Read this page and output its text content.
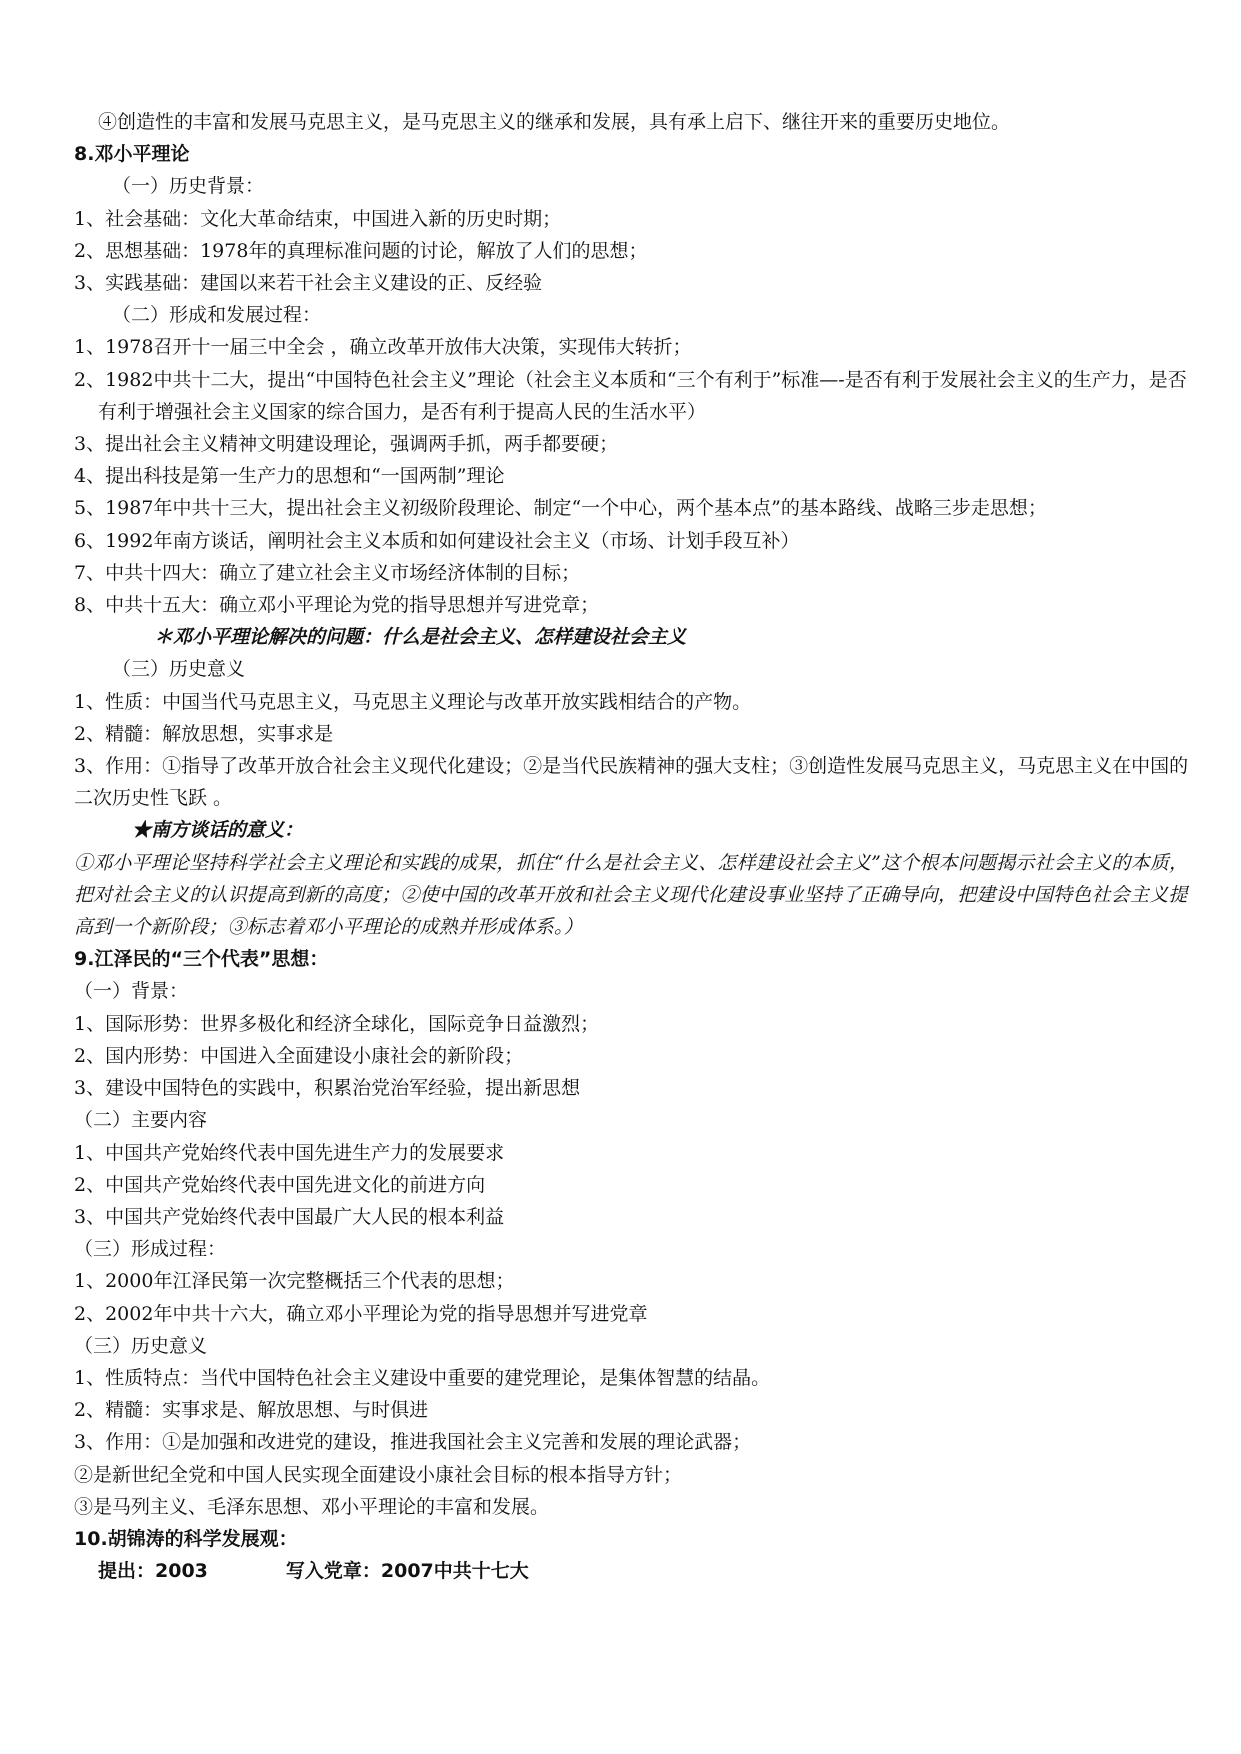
④创造性的丰富和发展马克思主义，是马克思主义的继承和发展，具有承上启下、继往开来的重要历史地位。
8.邓小平理论
（一）历史背景：
1、社会基础：文化大革命结束，中国进入新的历史时期；
2、思想基础：1978年的真理标准问题的讨论，解放了人们的思想；
3、实践基础：建国以来若干社会主义建设的正、反经验
（二）形成和发展过程：
1、1978召开十一届三中全会 ，确立改革开放伟大决策，实现伟大转折；
2、1982中共十二大，提出“中国特色社会主义”理论（社会主义本质和“三个有利于”标准—-是否有利于发展社会主义的生产力，是否有利于增强社会主义国家的综合国力，是否有利于提高人民的生活水平）
3、提出社会主义精神文明建设理论，强调两手抓，两手都要硬；
4、提出科技是第一生产力的思想和“一国两制”理论
5、1987年中共十三大，提出社会主义初级阶段理论、制定“一个中心，两个基本点”的基本路线、战略三步走思想；
6、1992年南方谈话，阐明社会主义本质和如何建设社会主义（市场、计划手段互补）
7、中共十四大：确立了建立社会主义市场经济体制的目标；
8、中共十五大：确立邓小平理论为党的指导思想并写进党章；
＊邓小平理论解决的问题：什么是社会主义、怎样建设社会主义
（三）历史意义
1、性质：中国当代马克思主义，马克思主义理论与改革开放实践相结合的产物。
2、精髓：解放思想，实事求是
3、作用：①指导了改革开放合社会主义现代化建设；②是当代民族精神的强大支柱；③创造性发展马克思主义，马克思主义在中国的二次历史性飞跃 。
★南方谈话的意义：
①邓小平理论坚持科学社会主义理论和实践的成果，抓住“什么是社会主义、怎样建设社会主义”这个根本问题揭示社会主义的本质，把对社会主义的认识提高到新的高度；②使中国的改革开放和社会主义现代化建设事业坚持了正确导向，把建设中国特色社会主义提高到一个新阶段；③标志着邓小平理论的成熟并形成体系。）
9.江泽民的“三个代表”思想：
（一）背景：
1、国际形势：世界多极化和经济全球化，国际竞争日益激烈；
2、国内形势：中国进入全面建设小康社会的新阶段；
3、建设中国特色的实践中，积累治党治军经验，提出新思想
（二）主要内容
1、中国共产党始终代表中国先进生产力的发展要求
2、中国共产党始终代表中国先进文化的前进方向
3、中国共产党始终代表中国最广大人民的根本利益
（三）形成过程：
1、2000年江泽民第一次完整概括三个代表的思想；
2、2002年中共十六大，确立邓小平理论为党的指导思想并写进党章
（三）历史意义
1、性质特点：当代中国特色社会主义建设中重要的建党理论，是集体智慧的结晶。
2、精髓：实事求是、解放思想、与时俱进
3、作用：①是加强和改进党的建设，推进我国社会主义完善和发展的理论武器；
②是新世纪全党和中国人民实现全面建设小康社会目标的根本指导方针；
③是马列主义、毛泽东思想、邓小平理论的丰富和发展。
10.胡锦涛的科学发展观：
提出：2003	写入党章：2007中共十七大
